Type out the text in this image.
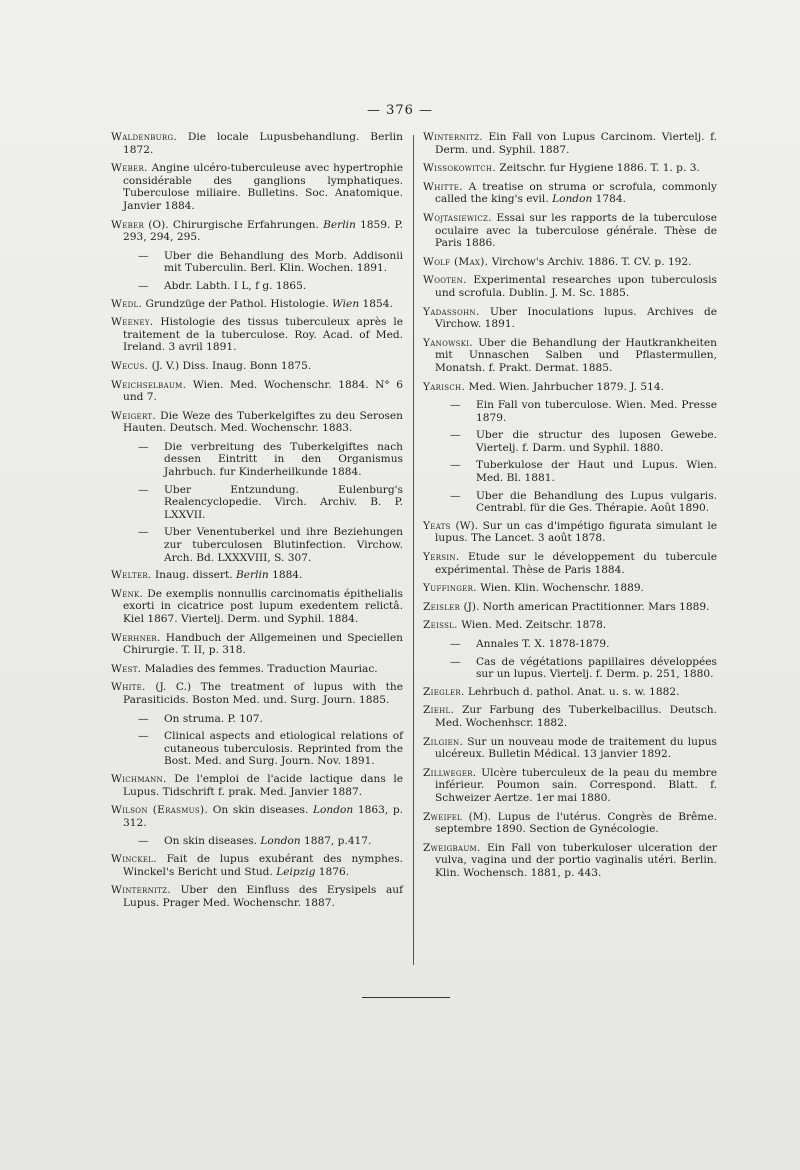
— 376 —
Waldenburg. Die locale Lupusbehandlung. Berlin 1872.
Weber. Angine ulcéro-tuberculeuse avec hypertrophie considérable des ganglions lymphatiques. Tuberculose miliaire. Bulletins. Soc. Anatomique. Janvier 1884.
Weber (O). Chirurgische Erfahrungen. Berlin 1859. P. 293, 294, 295.
— Uber die Behandlung des Morb. Addisonii mit Tuberculin. Berl. Klin. Wochen. 1891.
— Abdr. Labth. I L, f g. 1865.
Wedl. Grundzüge der Pathol. Histologie. Wien 1854.
Weeney. Histologie des tissus tuberculeux après le traitement de la tuberculose. Roy. Acad. of Med. Ireland. 3 avril 1891.
Wecus. (J. V.) Diss. Inaug. Bonn 1875.
Weichselbaum. Wien. Med. Wochenschr. 1884. N° 6 und 7.
Weigert. Die Weze des Tuberkelgiftes zu deu Serosen Hauten. Deutsch. Med. Wochenschr. 1883.
— Die verbreitung des Tuberkelgiftes nach dessen Eintritt in den Organismus Jahrbuch. fur Kinderheilkunde 1884.
— Uber Entzundung. Eulenburg's Realencyclopedie. Virch. Archiv. B. P. LXXVII.
— Uber Venentuberkel und ihre Beziehungen zur tuberculosen Blutinfection. Virchow. Arch. Bd. LXXXVIII, S. 307.
Welter. Inaug. dissert. Berlin 1884.
Wenk. De exemplis nonnullis carcinomatis épithelialis exorti in cicatrice post lupum exedentem relictâ. Kiel 1867. Viertelj. Derm. und Syphil. 1884.
Werhner. Handbuch der Allgemeinen und Speciellen Chirurgie. T. II, p. 318.
West. Maladies des femmes. Traduction Mauriac.
White. (J. C.) The treatment of lupus with the Parasiticids. Boston Med. und. Surg. Journ. 1885.
— On struma. P. 107.
— Clinical aspects and etiological relations of cutaneous tuberculosis. Reprinted from the Bost. Med. and Surg. Journ. Nov. 1891.
Wichmann. De l'emploi de l'acide lactique dans le Lupus. Tidschrift f. prak. Med. Janvier 1887.
Wilson (Erasmus). On skin diseases. London 1863, p. 312.
— On skin diseases. London 1887, p.417.
Winckel. Fait de lupus exubérant des nymphes. Winckel's Bericht und Stud. Leipzig 1876.
Winternitz. Uber den Einfluss des Erysipels auf Lupus. Prager Med. Wochenschr. 1887.
Winternitz. Ein Fall von Lupus Carcinom. Viertelj. f. Derm. und. Syphil. 1887.
Wissokowitch. Zeitschr. fur Hygiene 1886. T. 1. p. 3.
Whitte. A treatise on struma or scrofula, commonly called the king's evil. London 1784.
Wojtasiewicz. Essai sur les rapports de la tuberculose oculaire avec la tuberculose générale. Thèse de Paris 1886.
Wolf (Max). Virchow's Archiv. 1886. T. CV. p. 192.
Wooten. Experimental researches upon tuberculosis und scrofula. Dublin. J. M. Sc. 1885.
Yadassohn. Uber Inoculations lupus. Archives de Virchow. 1891.
Yanowski. Uber die Behandlung der Hautkrankheiten mit Unnaschen Salben und Pflastermullen, Monatsh. f. Prakt. Dermat. 1885.
Yarisch. Med. Wien. Jahrbucher 1879. J. 514.
— Ein Fall von tuberculose. Wien. Med. Presse 1879.
— Uber die structur des luposen Gewebe. Viertelj. f. Darm. und Syphil. 1880.
— Tuberkulose der Haut und Lupus. Wien. Med. Bl. 1881.
— Uber die Behandlung des Lupus vulgaris. Centrabl. für die Ges. Thérapie. Août 1890.
Yeats (W). Sur un cas d'impétigo figurata simulant le lupus. The Lancet. 3 août 1878.
Yersin. Etude sur le développement du tubercule expérimental. Thèse de Paris 1884.
Yuffinger. Wien. Klin. Wochenschr. 1889.
Zeisler (J). North american Practitionner. Mars 1889.
Zeissl. Wien. Med. Zeitschr. 1878.
— Annales T. X. 1878-1879.
— Cas de végétations papillaires développées sur un lupus. Viertelj. f. Derm. p. 251, 1880.
Ziegler. Lehrbuch d. pathol. Anat. u. s. w. 1882.
Ziehl. Zur Farbung des Tuberkelbacillus. Deutsch. Med. Wochenhscr. 1882.
Zilgien. Sur un nouveau mode de traitement du lupus ulcéreux. Bulletin Médical. 13 janvier 1892.
Zillweger. Ulcère tuberculeux de la peau du membre inférieur. Poumon sain. Correspond. Blatt. f. Schweizer Aertze. 1er mai 1880.
Zweifel (M). Lupus de l'utérus. Congrès de Brême. septembre 1890. Section de Gynécologie.
Zweigbaum. Ein Fall von tuberkuloser ulceration der vulva, vagina und der portio vaginalis utéri. Berlin. Klin. Wochensch. 1881, p. 443.
